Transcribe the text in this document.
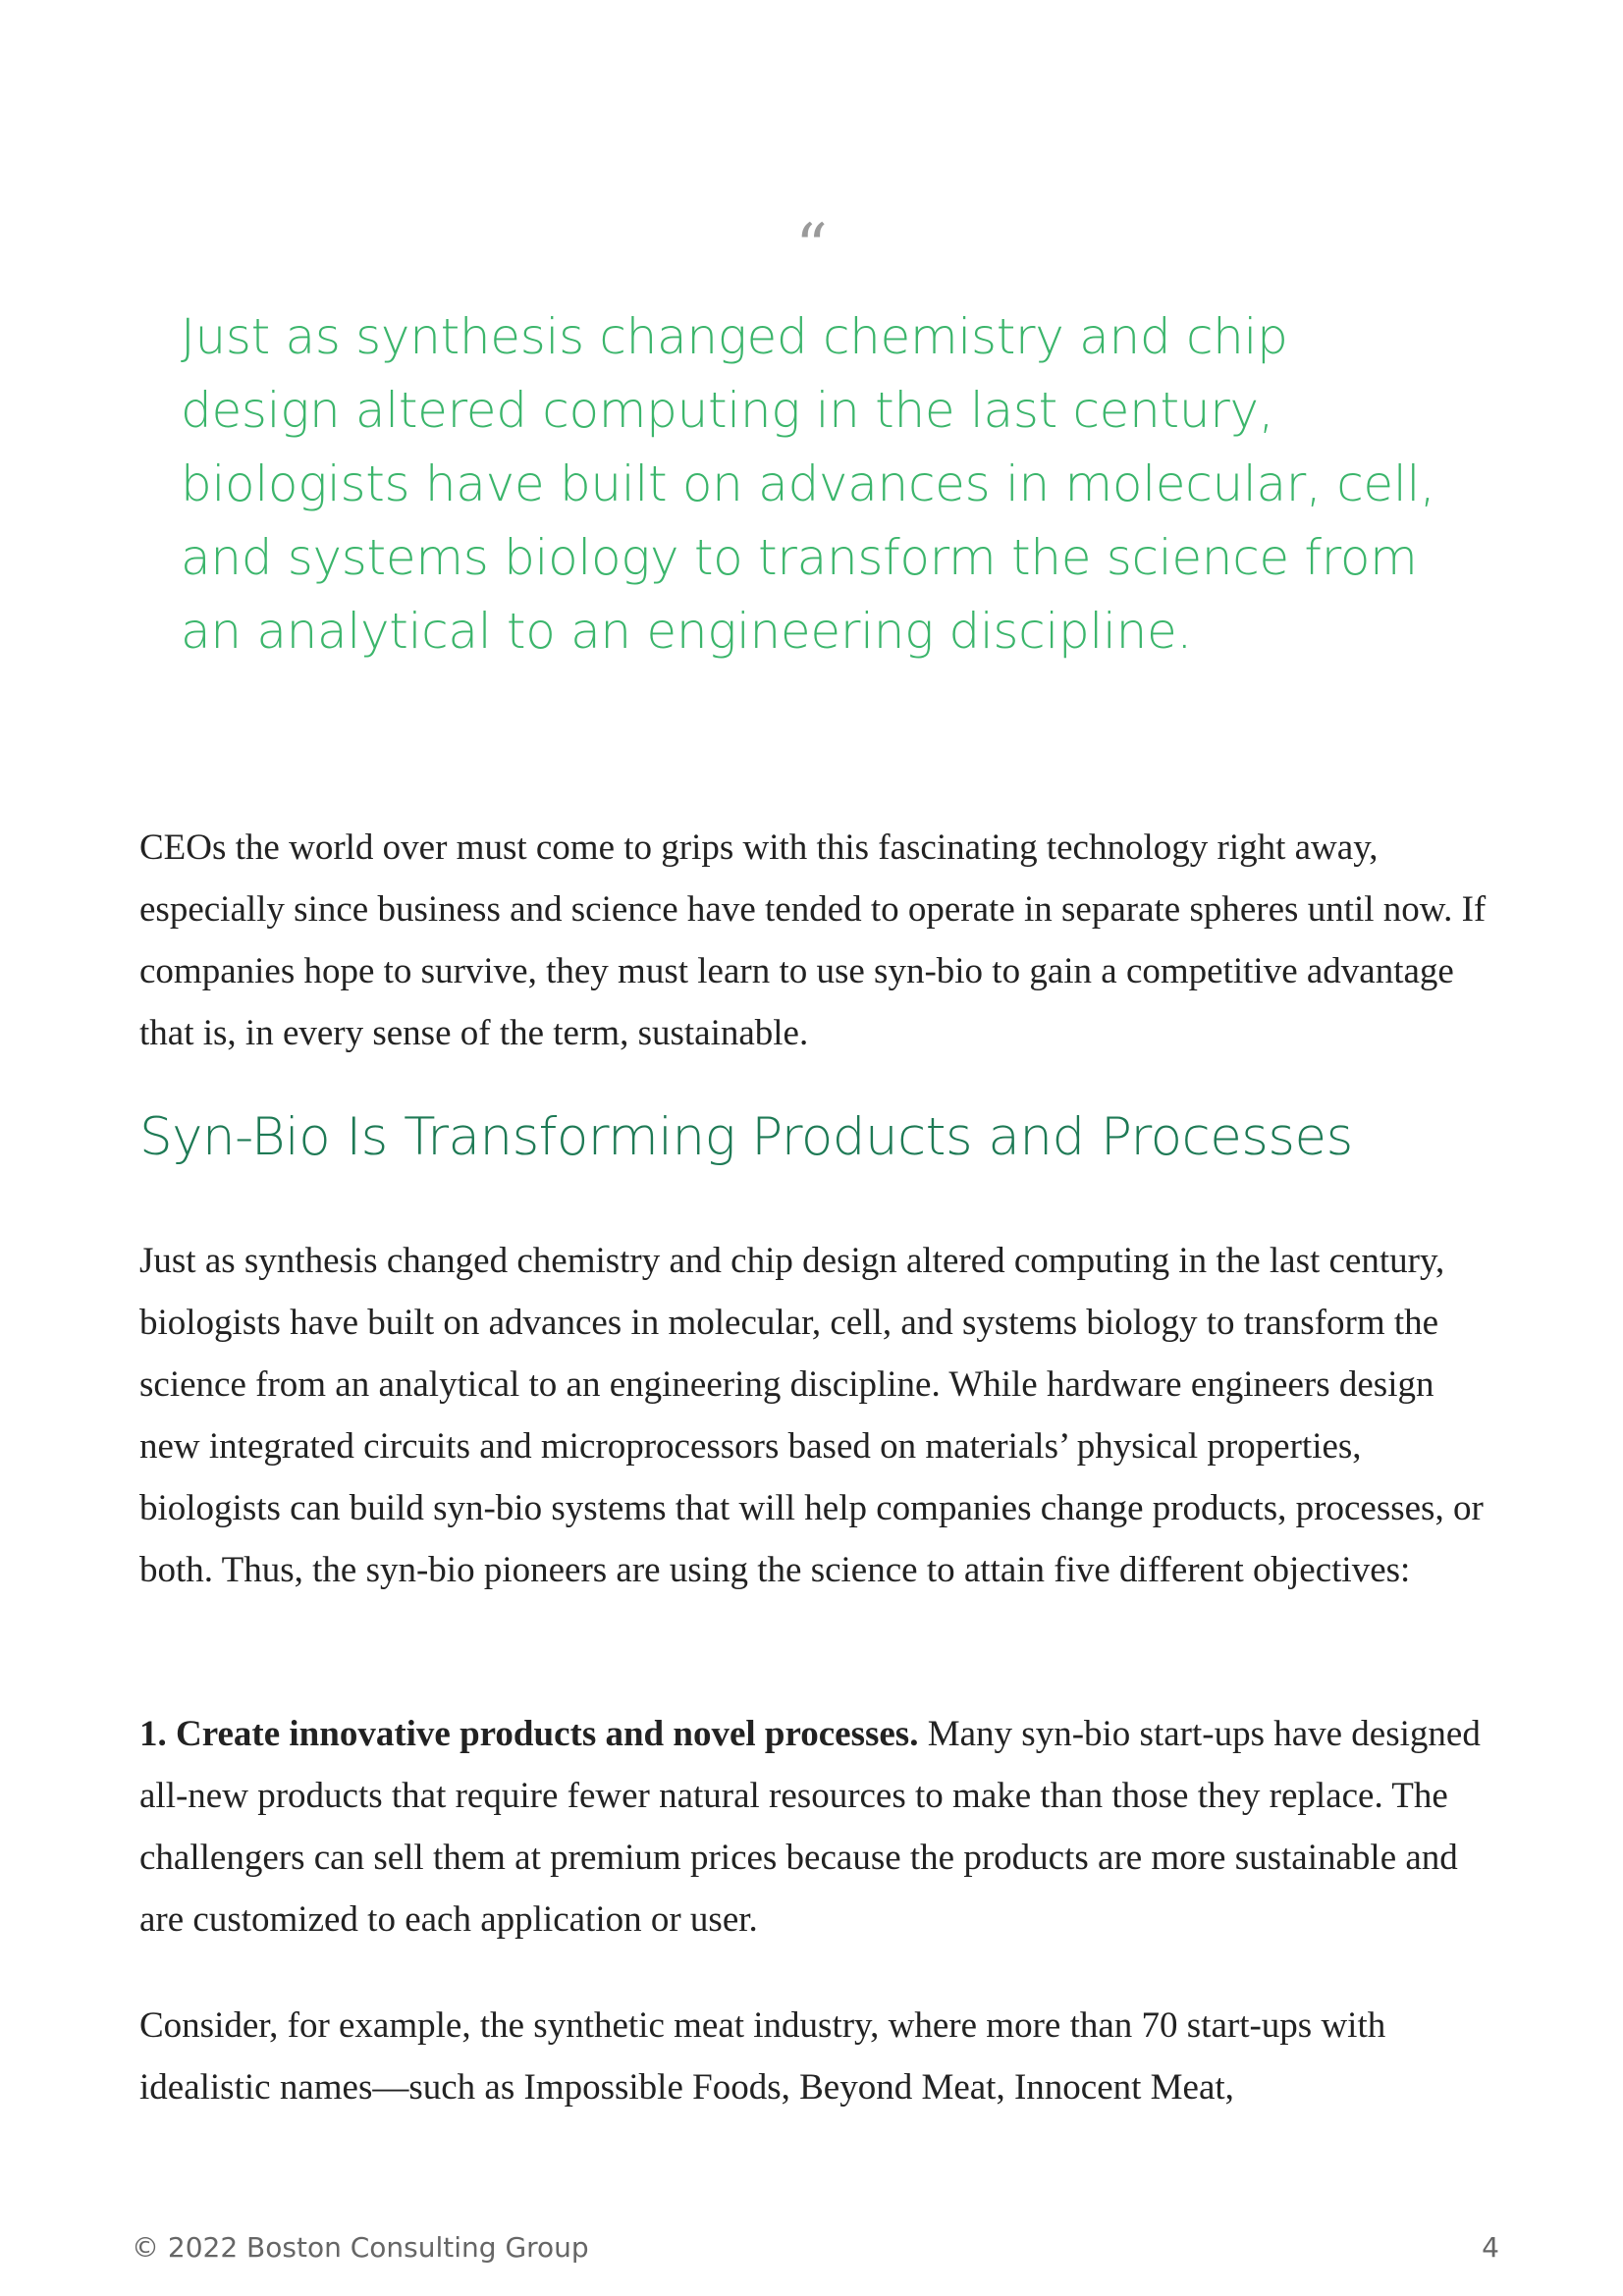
“
Just as synthesis changed chemistry and chip design altered computing in the last century, biologists have built on advances in molecular, cell, and systems biology to transform the science from an analytical to an engineering discipline.

CEOs the world over must come to grips with this fascinating technology right away, especially since business and science have tended to operate in separate spheres until now. If companies hope to survive, they must learn to use syn-bio to gain a competitive advantage that is, in every sense of the term, sustainable.

Syn-Bio Is Transforming Products and Processes

Just as synthesis changed chemistry and chip design altered computing in the last century, biologists have built on advances in molecular, cell, and systems biology to transform the science from an analytical to an engineering discipline. While hardware engineers design new integrated circuits and microprocessors based on materials’ physical properties, biologists can build syn-bio systems that will help companies change products, processes, or both. Thus, the syn-bio pioneers are using the science to attain five different objectives:

1. Create innovative products and novel processes. Many syn-bio start-ups have designed all-new products that require fewer natural resources to make than those they replace. The challengers can sell them at premium prices because the products are more sustainable and are customized to each application or user.

Consider, for example, the synthetic meat industry, where more than 70 start-ups with idealistic names—such as Impossible Foods, Beyond Meat, Innocent Meat,

© 2022 Boston Consulting Group	4
